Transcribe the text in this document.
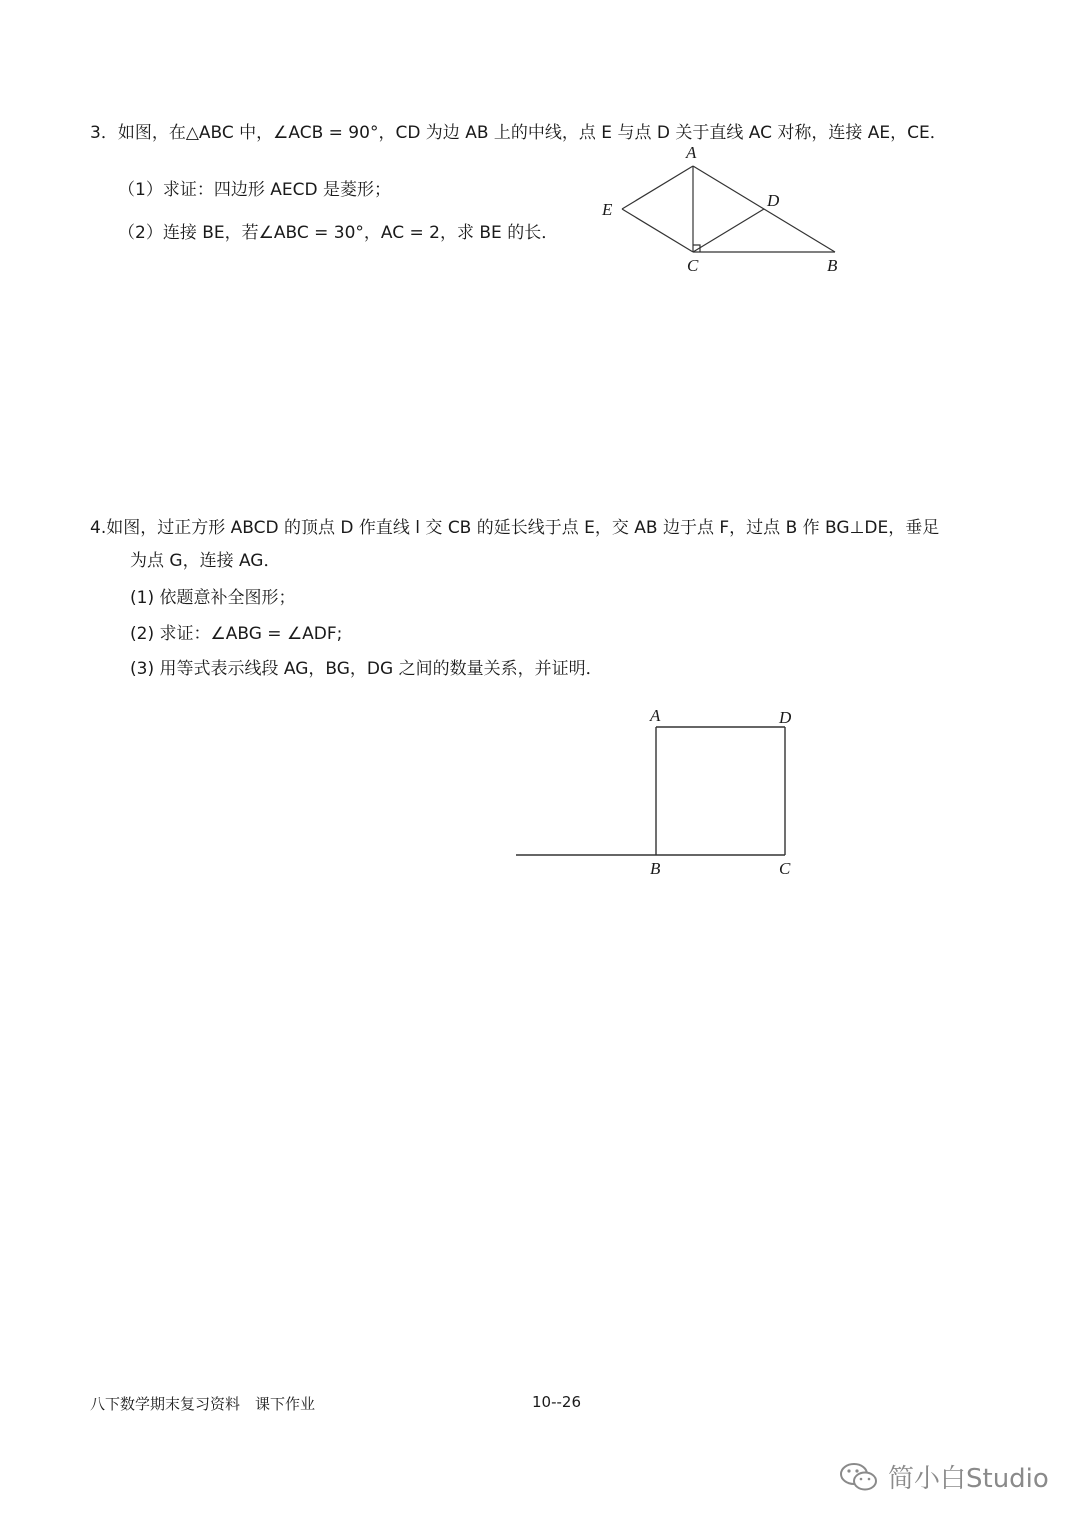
3．如图，在△ABC 中，∠ACB = 90°，CD 为边 AB 上的中线，点 E 与点 D 关于直线 AC 对称，连接 AE，CE．
（1）求证：四边形 AECD 是菱形；
（2）连接 BE，若∠ABC = 30°，AC = 2，求 BE 的长．
A
E	D
C	B
4.如图，过正方形 ABCD 的顶点 D 作直线 l 交 CB 的延长线于点 E，交 AB 边于点 F，过点 B 作 BG⊥DE，垂足
为点 G，连接 AG．
(1) 依题意补全图形；
(2) 求证：∠ABG = ∠ADF;
(3) 用等式表示线段 AG，BG，DG 之间的数量关系，并证明．
A	D
B	C
八下数学期末复习资料　课下作业	10--26
简小白Studio
